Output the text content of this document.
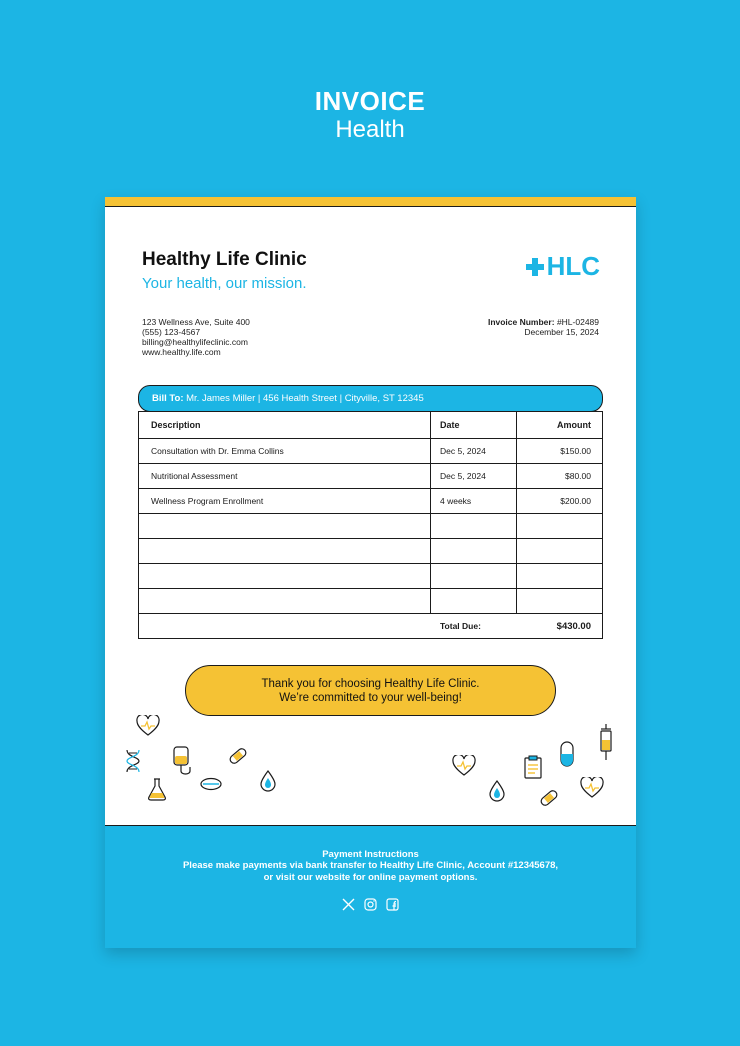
INVOICE
Health
Healthy Life Clinic
Your health, our mission.
HLC
123 Wellness Ave, Suite 400
(555) 123-4567
billing@healthylifeclinic.com
www.healthy.life.com
Invoice Number: #HL-02489
December 15, 2024
Bill To: Mr. James Miller | 456 Health Street | Cityville, ST 12345
Description	Date	Amount
Consultation with Dr. Emma Collins	Dec 5, 2024	$150.00
Nutritional Assessment	Dec 5, 2024	$80.00
Wellness Program Enrollment	4 weeks	$200.00

	Total Due:	$430.00
Thank you for choosing Healthy Life Clinic.
We’re committed to your well-being!
Payment Instructions
Please make payments via bank transfer to Healthy Life Clinic, Account #12345678,
or visit our website for online payment options.
